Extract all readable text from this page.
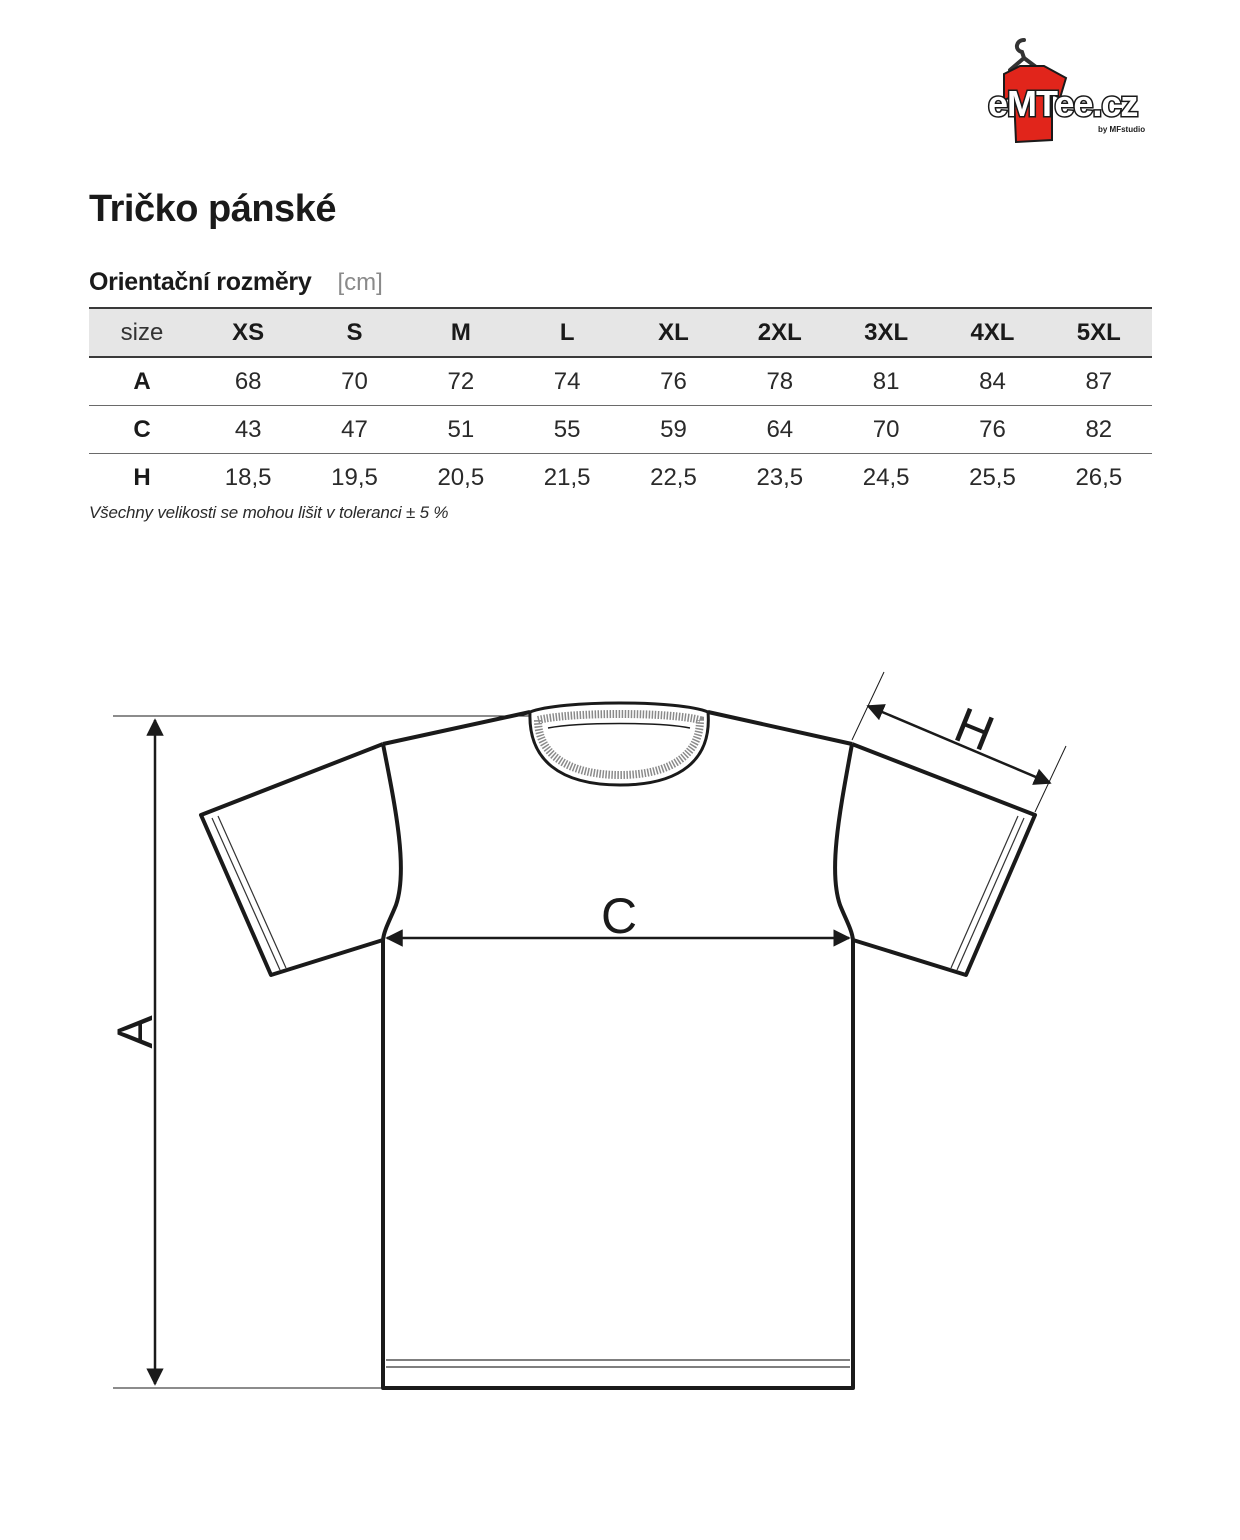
eMTee.cz
by MFstudio
Tričko pánské
Orientační rozměry [cm]
size	XS	S	M	L	XL	2XL	3XL	4XL	5XL
A	68	70	72	74	76	78	81	84	87
C	43	47	51	55	59	64	70	76	82
H	18,5	19,5	20,5	21,5	22,5	23,5	24,5	25,5	26,5
Všechny velikosti se mohou lišit v toleranci ± 5 %
A
C
H
